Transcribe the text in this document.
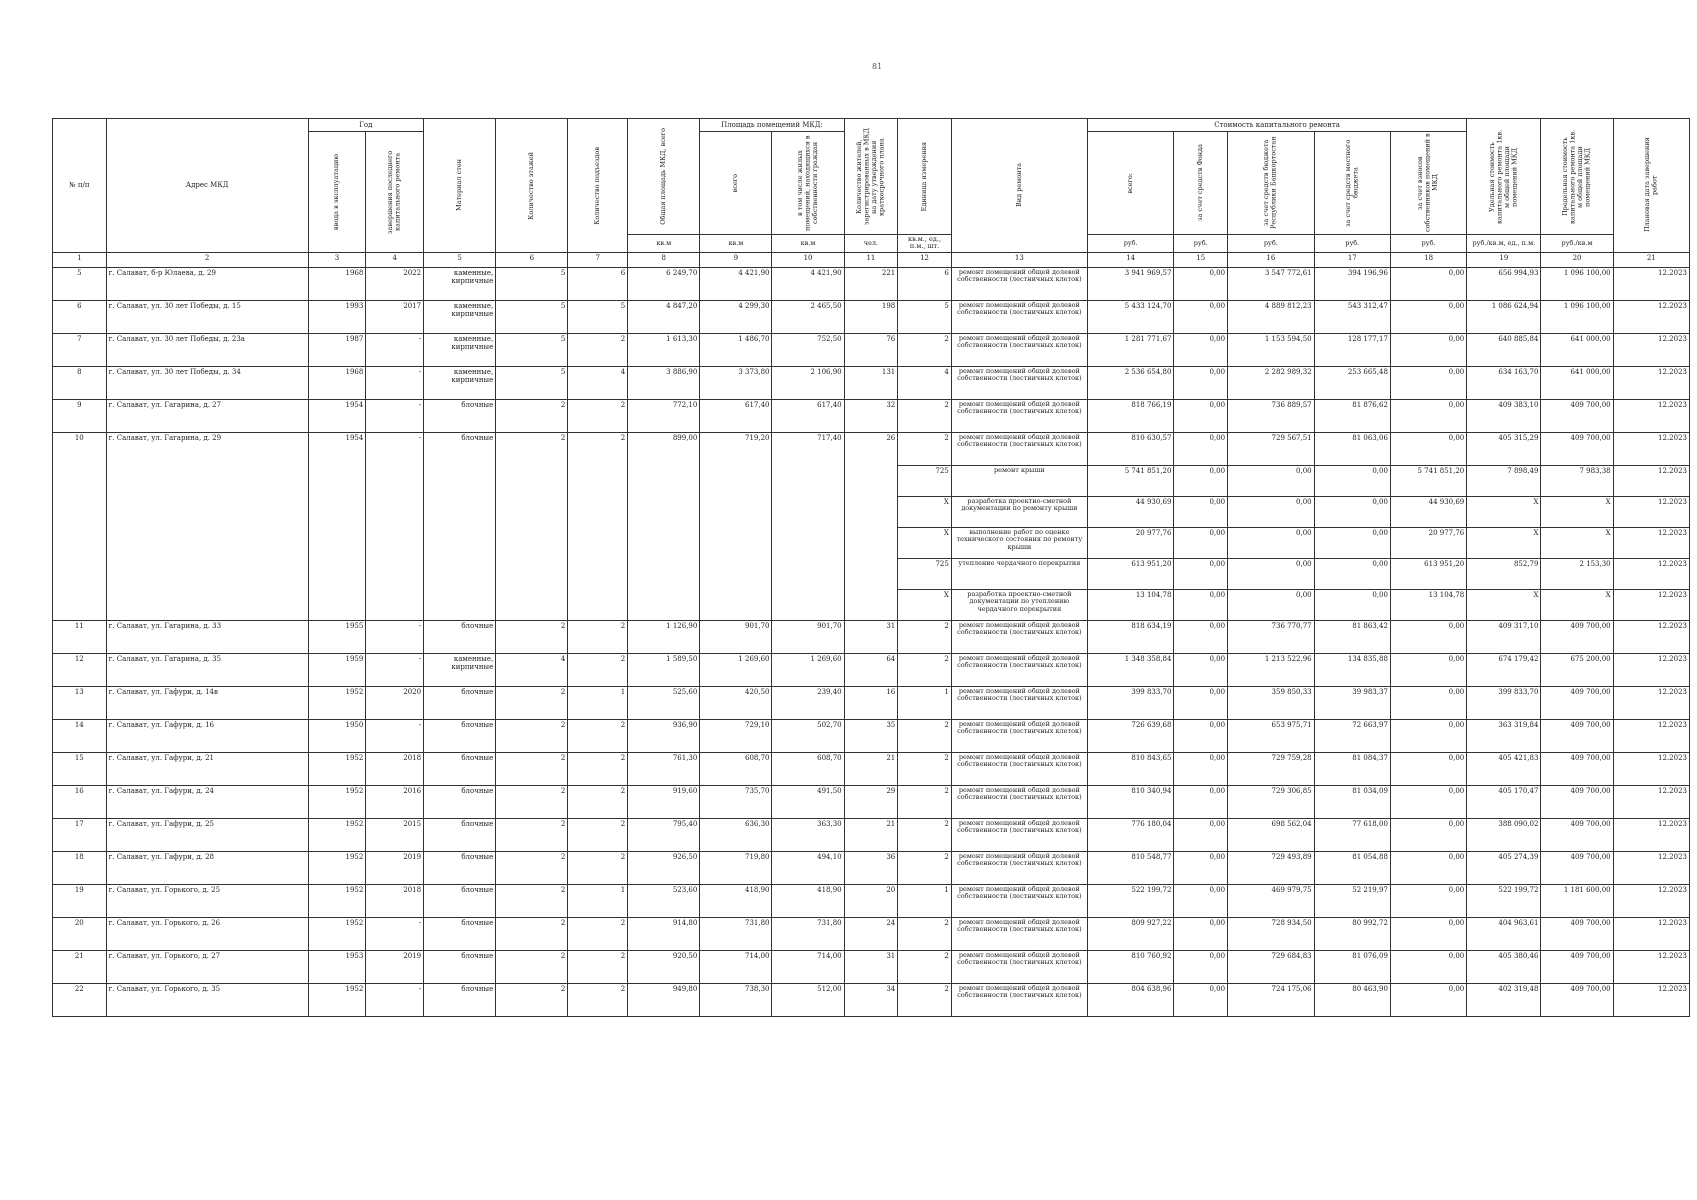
81
№ п/п	Адрес МКД	Год		Материал стен	Количество этажей	Количество подъездов	Общая площадь МКД, всего	Площадь помещений МКД:		Количество жителей, зарегистрированных в МКД на дату утверждения краткосрочного плана	Единица измерения	Вид ремонта	Стоимость капитального ремонта					Удельная стоимость капитального ремонта 1кв. м общей площади помещений МКД	Предельная стоимость капитального ремонта 1кв. м общей площади помещений МКД	Плановая дата завершения работ

		ввода в эксплуатацию	завершения последнего капитального ремонта					всего	в том числе жилых помещений, находящихся в собственности граждан				всего:	за счет средств Фонда	за счет средств бюджета Республики Башкортостан	за счет средств местного бюджета	за счет взносов собственников помещений в МКД			

							кв.м	кв.м	кв.м	чел.	кв.м., ед., п.м., шт.		руб.	руб.	руб.	руб.	руб.	руб./кв.м, ед., п.м.	руб./кв.м	
1	2	3	4	5	6	7	8	9	10	11	12	13	14	15	16	17	18	19	20	21
5	г. Салават, б-р Юлаева, д. 29	1968	2022	каменные, кирпичные	5	6	6 249,70	4 421,90	4 421,90	221	6	ремонт помещений общей долевой собственности (лестничных клеток)	3 941 969,57	0,00	3 547 772,61	394 196,96	0,00	656 994,93	1 096 100,00	12.2023
6	г. Салават, ул. 30 лет Победы, д. 15	1993	2017	каменные, кирпичные	5	5	4 847,20	4 299,30	2 465,50	198	5	ремонт помещений общей долевой собственности (лестничных клеток)	5 433 124,70	0,00	4 889 812,23	543 312,47	0,00	1 086 624,94	1 096 100,00	12.2023
7	г. Салават, ул. 30 лет Победы, д. 23а	1987	-	каменные, кирпичные	5	2	1 613,30	1 486,70	752,50	76	2	ремонт помещений общей долевой собственности (лестничных клеток)	1 281 771,67	0,00	1 153 594,50	128 177,17	0,00	640 885,84	641 000,00	12.2023
8	г. Салават, ул. 30 лет Победы, д. 34	1968	-	каменные, кирпичные	5	4	3 886,90	3 373,80	2 106,90	131	4	ремонт помещений общей долевой собственности (лестничных клеток)	2 536 654,80	0,00	2 282 989,32	253 665,48	0,00	634 163,70	641 000,00	12.2023
9	г. Салават, ул. Гагарина, д. 27	1954	-	блочные	2	2	772,10	617,40	617,40	32	2	ремонт помещений общей долевой собственности (лестничных клеток)	818 766,19	0,00	736 889,57	81 876,62	0,00	409 383,10	409 700,00	12.2023
10	г. Салават, ул. Гагарина, д. 29	1954	-	блочные	2	2	899,00	719,20	717,40	26	2	ремонт помещений общей долевой собственности (лестничных клеток)	810 630,57	0,00	729 567,51	81 063,06	0,00	405 315,29	409 700,00	12.2023
											725	ремонт крыши	5 741 851,20	0,00	0,00	0,00	5 741 851,20	7 898,49	7 983,38	12.2023
											X	разработка проектно-сметной документации по ремонту крыши	44 930,69	0,00	0,00	0,00	44 930,69	X	X	12.2023
											X	выполнение работ по оценке технического состояния по ремонту крыши	20 977,76	0,00	0,00	0,00	20 977,76	X	X	12.2023
											725	утепление чердачного перекрытия	613 951,20	0,00	0,00	0,00	613 951,20	852,79	2 153,30	12.2023
											X	разработка проектно-сметной документации по утеплению чердачного перекрытия	13 104,78	0,00	0,00	0,00	13 104,78	X	X	12.2023
11	г. Салават, ул. Гагарина, д. 33	1955	-	блочные	2	2	1 126,90	901,70	901,70	31	2	ремонт помещений общей долевой собственности (лестничных клеток)	818 634,19	0,00	736 770,77	81 863,42	0,00	409 317,10	409 700,00	12.2023
12	г. Салават, ул. Гагарина, д. 35	1959	-	каменные, кирпичные	4	2	1 589,50	1 269,60	1 269,60	64	2	ремонт помещений общей долевой собственности (лестничных клеток)	1 348 358,84	0,00	1 213 522,96	134 835,88	0,00	674 179,42	675 200,00	12.2023
13	г. Салават, ул. Гафури, д. 14в	1952	2020	блочные	2	1	525,60	420,50	239,40	16	1	ремонт помещений общей долевой собственности (лестничных клеток)	399 833,70	0,00	359 850,33	39 983,37	0,00	399 833,70	409 700,00	12.2023
14	г. Салават, ул. Гафури, д. 16	1950	-	блочные	2	2	936,90	729,10	502,70	35	2	ремонт помещений общей долевой собственности (лестничных клеток)	726 639,68	0,00	653 975,71	72 663,97	0,00	363 319,84	409 700,00	12.2023
15	г. Салават, ул. Гафури, д. 21	1952	2018	блочные	2	2	761,30	608,70	608,70	21	2	ремонт помещений общей долевой собственности (лестничных клеток)	810 843,65	0,00	729 759,28	81 084,37	0,00	405 421,83	409 700,00	12.2023
16	г. Салават, ул. Гафури, д. 24	1952	2016	блочные	2	2	919,60	735,70	491,50	29	2	ремонт помещений общей долевой собственности (лестничных клеток)	810 340,94	0,00	729 306,85	81 034,09	0,00	405 170,47	409 700,00	12.2023
17	г. Салават, ул. Гафури, д. 25	1952	2015	блочные	2	2	795,40	636,30	363,30	21	2	ремонт помещений общей долевой собственности (лестничных клеток)	776 180,04	0,00	698 562,04	77 618,00	0,00	388 090,02	409 700,00	12.2023
18	г. Салават, ул. Гафури, д. 28	1952	2019	блочные	2	2	926,50	719,80	494,10	36	2	ремонт помещений общей долевой собственности (лестничных клеток)	810 548,77	0,00	729 493,89	81 054,88	0,00	405 274,39	409 700,00	12.2023
19	г. Салават, ул. Горького, д. 25	1952	2018	блочные	2	1	523,60	418,90	418,90	20	1	ремонт помещений общей долевой собственности (лестничных клеток)	522 199,72	0,00	469 979,75	52 219,97	0,00	522 199,72	1 181 600,00	12.2023
20	г. Салават, ул. Горького, д. 26	1952	-	блочные	2	2	914,80	731,80	731,80	24	2	ремонт помещений общей долевой собственности (лестничных клеток)	809 927,22	0,00	728 934,50	80 992,72	0,00	404 963,61	409 700,00	12.2023
21	г. Салават, ул. Горького, д. 27	1953	2019	блочные	2	2	920,50	714,00	714,00	31	2	ремонт помещений общей долевой собственности (лестничных клеток)	810 760,92	0,00	729 684,83	81 076,09	0,00	405 380,46	409 700,00	12.2023
22	г. Салават, ул. Горького, д. 35	1952	-	блочные	2	2	949,80	738,30	512,00	34	2	ремонт помещений общей долевой собственности (лестничных клеток)	804 638,96	0,00	724 175,06	80 463,90	0,00	402 319,48	409 700,00	12.2023
